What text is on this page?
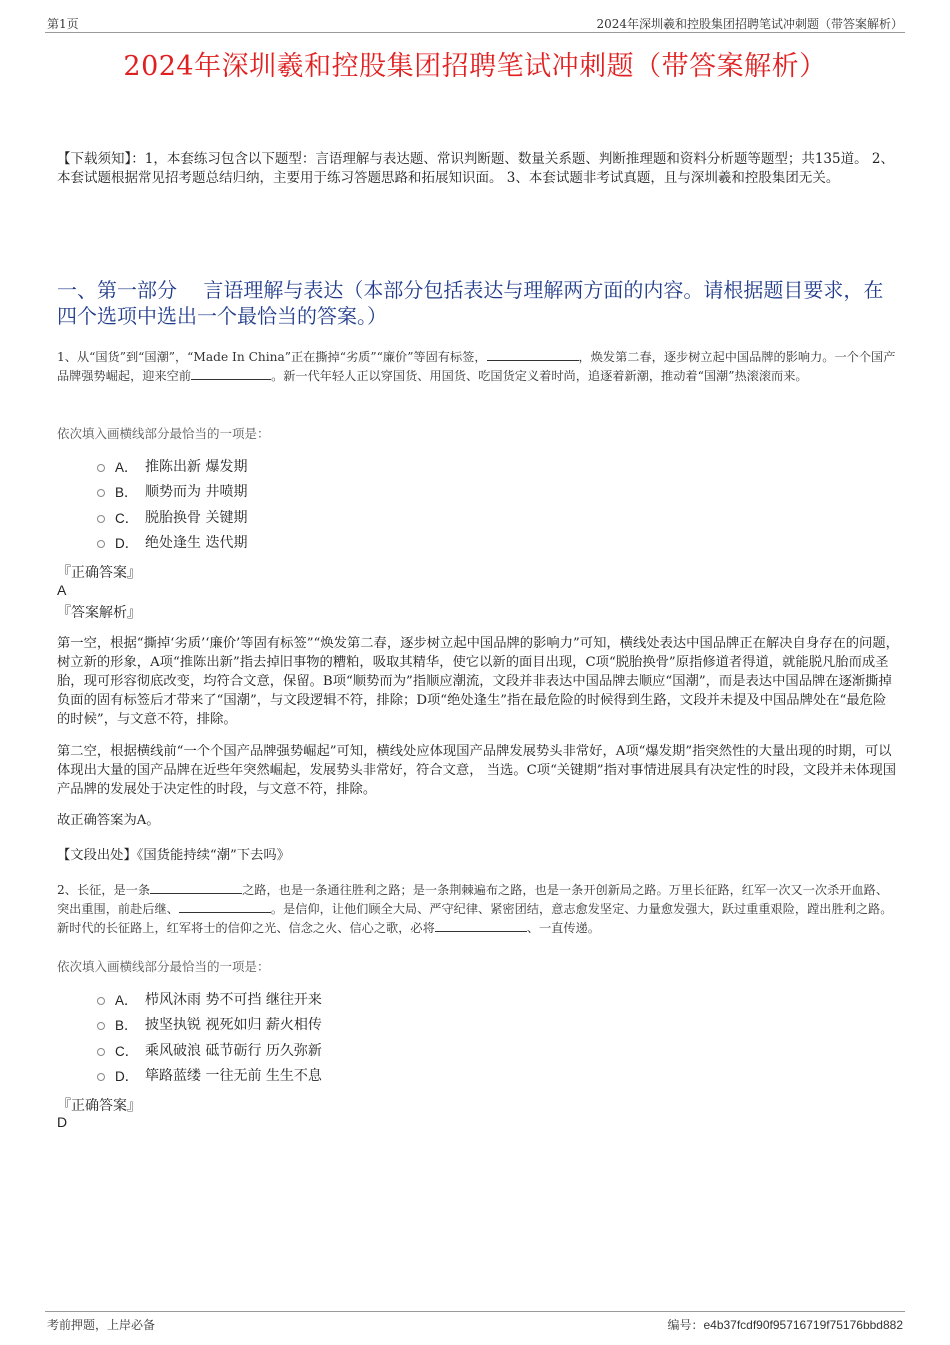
第1页	2024年深圳羲和控股集团招聘笔试冲刺题（带答案解析）
2024年深圳羲和控股集团招聘笔试冲刺题（带答案解析）
【下载须知】：1，本套练习包含以下题型：言语理解与表达题、常识判断题、数量关系题、判断推理题和资料分析题等题型；共135道。 2、本套试题根据常见招考题总结归纳，主要用于练习答题思路和拓展知识面。 3、本套试题非考试真题，且与深圳羲和控股集团无关。
一、第一部分　 言语理解与表达（本部分包括表达与理解两方面的内容。请根据题目要求，在四个选项中选出一个最恰当的答案。）
1、从“国货”到“国潮”，“Made In China”正在撕掉“劣质”“廉价”等固有标签，	，焕发第二春，逐步树立起中国品牌的影响力。一个个国产品牌强势崛起，迎来空前	。新一代年轻人正以穿国货、用国货、吃国货定义着时尚，追逐着新潮，推动着“国潮”热滚滚而来。
依次填入画横线部分最恰当的一项是：
A． 推陈出新 爆发期
B． 顺势而为 井喷期
C． 脱胎换骨 关键期
D． 绝处逢生 迭代期
『正确答案』
A
『答案解析』
第一空，根据“撕掉‘劣质’‘廉价’等固有标签”“焕发第二春，逐步树立起中国品牌的影响力”可知，横线处表达中国品牌正在解决自身存在的问题，树立新的形象，A项“推陈出新”指去掉旧事物的糟粕，吸取其精华，使它以新的面目出现，C项“脱胎换骨”原指修道者得道，就能脱凡胎而成圣胎，现可形容彻底改变，均符合文意，保留。B项“顺势而为”指顺应潮流，文段并非表达中国品牌去顺应“国潮”，而是表达中国品牌在逐渐撕掉负面的固有标签后才带来了“国潮”，与文段逻辑不符，排除；D项“绝处逢生”指在最危险的时候得到生路，文段并未提及中国品牌处在“最危险的时候”，与文意不符，排除。
第二空，根据横线前“一个个国产品牌强势崛起”可知，横线处应体现国产品牌发展势头非常好，A项“爆发期”指突然性的大量出现的时期，可以体现出大量的国产品牌在近些年突然崛起，发展势头非常好，符合文意， 当选。C项“关键期”指对事情进展具有决定性的时段，文段并未体现国产品牌的发展处于决定性的时段，与文意不符，排除。
故正确答案为A。
【文段出处】《国货能持续“潮”下去吗》
2、长征，是一条	之路，也是一条通往胜利之路；是一条荆棘遍布之路，也是一条开创新局之路。万里长征路，红军一次又一次杀开血路、突出重围，前赴后继、	。是信仰，让他们顾全大局、严守纪律、紧密团结，意志愈发坚定、力量愈发强大，跃过重重艰险，蹚出胜利之路。新时代的长征路上，红军将士的信仰之光、信念之火、信心之歌，必将	、一直传递。
依次填入画横线部分最恰当的一项是：
A． 栉风沐雨 势不可挡 继往开来
B． 披坚执锐 视死如归 薪火相传
C． 乘风破浪 砥节砺行 历久弥新
D． 筚路蓝缕 一往无前 生生不息
『正确答案』
D
考前押题，上岸必备	编号：e4b37fcdf90f95716719f75176bbd882
